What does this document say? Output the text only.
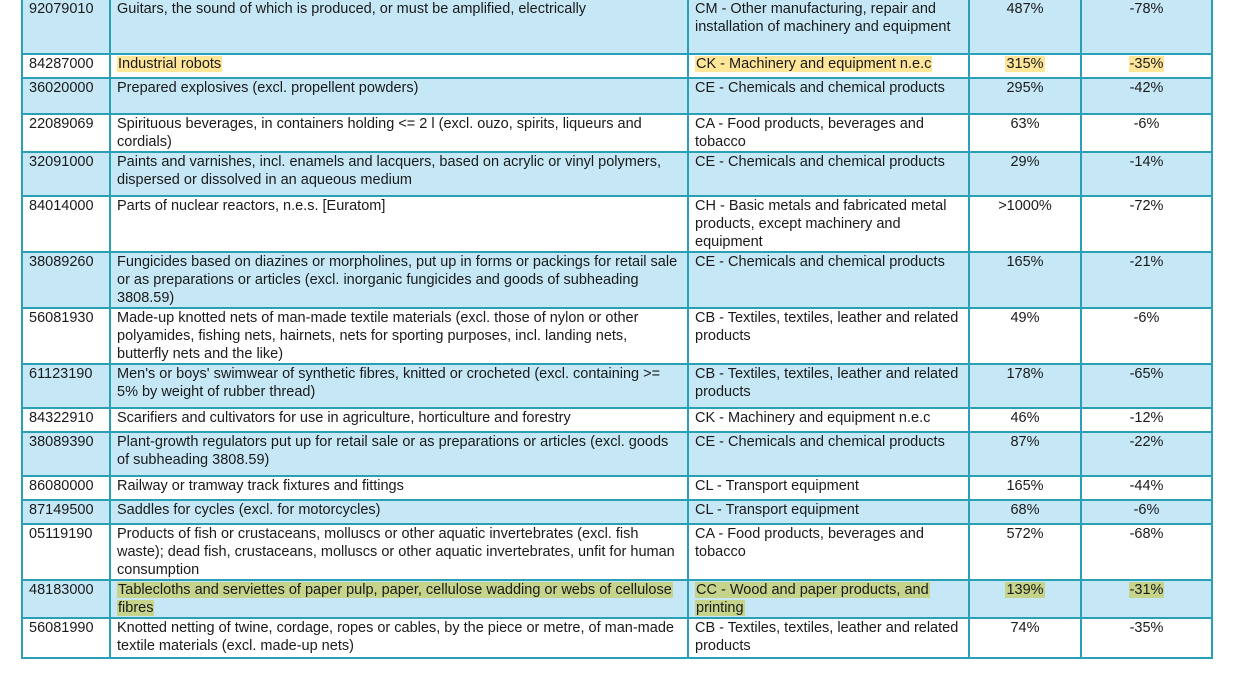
92079010	Guitars, the sound of which is produced, or must be amplified, electrically	CM - Other manufacturing, repair and installation of machinery and equipment	487%	-78%
84287000	Industrial robots	CK - Machinery and equipment n.e.c	315%	-35%
36020000	Prepared explosives (excl. propellent powders)	CE - Chemicals and chemical products	295%	-42%
22089069	Spirituous beverages, in containers holding <= 2 l (excl. ouzo, spirits, liqueurs and cordials)	CA - Food products, beverages and tobacco	63%	-6%
32091000	Paints and varnishes, incl. enamels and lacquers, based on acrylic or vinyl polymers, dispersed or dissolved in an aqueous medium	CE - Chemicals and chemical products	29%	-14%
84014000	Parts of nuclear reactors, n.e.s. [Euratom]	CH - Basic metals and fabricated metal products, except machinery and equipment	>1000%	-72%
38089260	Fungicides based on diazines or morpholines, put up in forms or packings for retail sale or as preparations or articles (excl. inorganic fungicides and goods of subheading 3808.59)	CE - Chemicals and chemical products	165%	-21%
56081930	Made-up knotted nets of man-made textile materials (excl. those of nylon or other polyamides, fishing nets, hairnets, nets for sporting purposes, incl. landing nets, butterfly nets and the like)	CB - Textiles, textiles, leather and related products	49%	-6%
61123190	Men's or boys' swimwear of synthetic fibres, knitted or crocheted (excl. containing >= 5% by weight of rubber thread)	CB - Textiles, textiles, leather and related products	178%	-65%
84322910	Scarifiers and cultivators for use in agriculture, horticulture and forestry	CK - Machinery and equipment n.e.c	46%	-12%
38089390	Plant-growth regulators put up for retail sale or as preparations or articles (excl. goods of subheading 3808.59)	CE - Chemicals and chemical products	87%	-22%
86080000	Railway or tramway track fixtures and fittings	CL - Transport equipment	165%	-44%
87149500	Saddles for cycles (excl. for motorcycles)	CL - Transport equipment	68%	-6%
05119190	Products of fish or crustaceans, molluscs or other aquatic invertebrates (excl. fish waste); dead fish, crustaceans, molluscs or other aquatic invertebrates, unfit for human consumption	CA - Food products, beverages and tobacco	572%	-68%
48183000	Tablecloths and serviettes of paper pulp, paper, cellulose wadding or webs of cellulose fibres	CC - Wood and paper products, and printing	139%	-31%
56081990	Knotted netting of twine, cordage, ropes or cables, by the piece or metre, of man-made textile materials (excl. made-up nets)	CB - Textiles, textiles, leather and related products	74%	-35%
